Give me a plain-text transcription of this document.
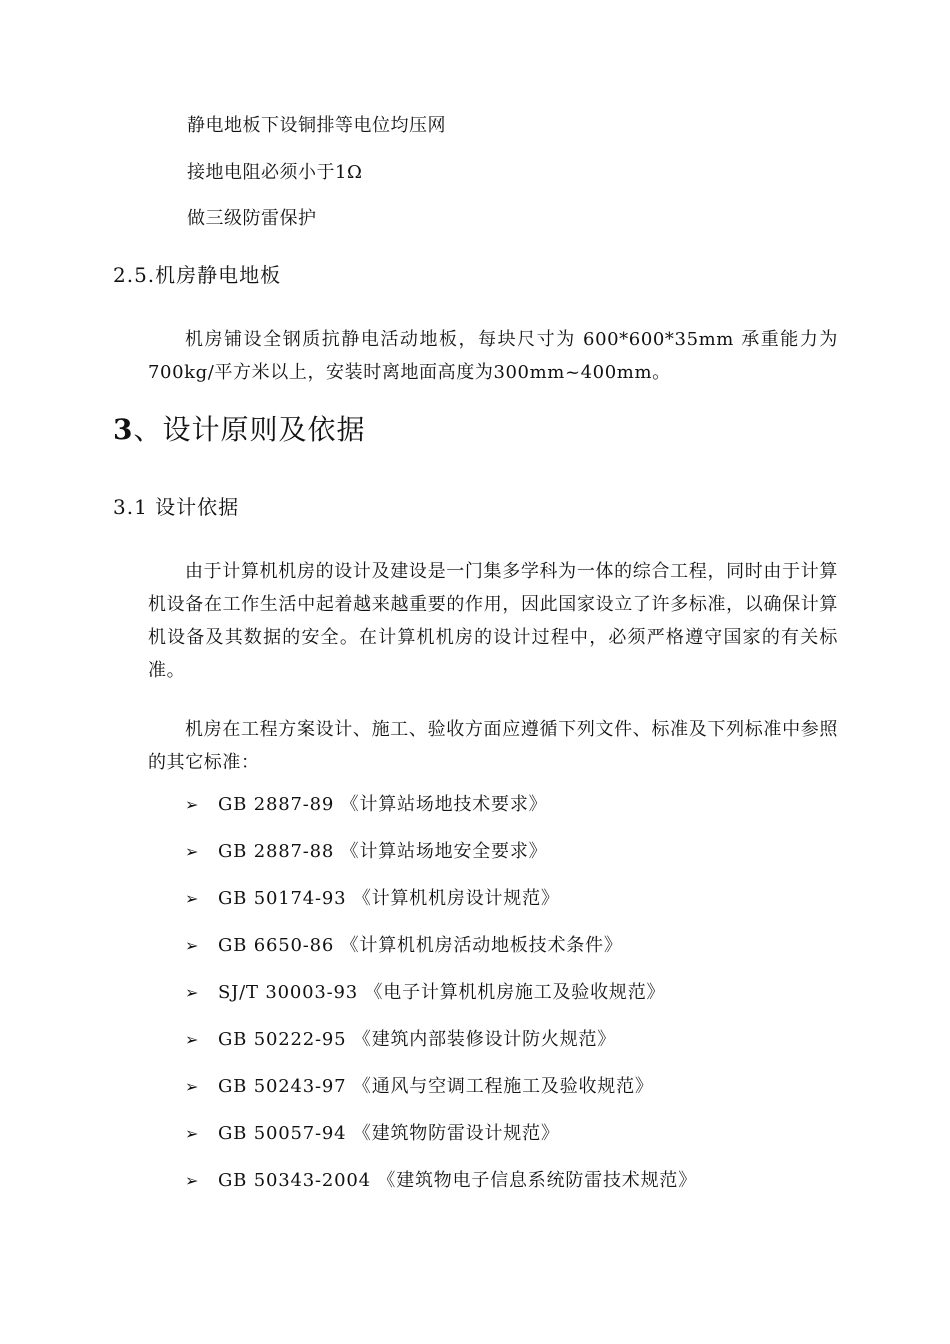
静电地板下设铜排等电位均压网
接地电阻必须小于1Ω
做三级防雷保护
2.5.机房静电地板
机房铺设全钢质抗静电活动地板，每块尺寸为 600*600*35mm 承重能力为700kg/平方米以上，安装时离地面高度为300mm~400mm。
3、设计原则及依据
3.1 设计依据
由于计算机机房的设计及建设是一门集多学科为一体的综合工程，同时由于计算机设备在工作生活中起着越来越重要的作用，因此国家设立了许多标准，以确保计算机设备及其数据的安全。在计算机机房的设计过程中，必须严格遵守国家的有关标准。
机房在工程方案设计、施工、验收方面应遵循下列文件、标准及下列标准中参照的其它标准：
➢ GB 2887-89 《计算站场地技术要求》
➢ GB 2887-88 《计算站场地安全要求》
➢ GB 50174-93 《计算机机房设计规范》
➢ GB 6650-86 《计算机机房活动地板技术条件》
➢ SJ/T 30003-93 《电子计算机机房施工及验收规范》
➢ GB 50222-95 《建筑内部装修设计防火规范》
➢ GB 50243-97 《通风与空调工程施工及验收规范》
➢ GB 50057-94 《建筑物防雷设计规范》
➢ GB 50343-2004 《建筑物电子信息系统防雷技术规范》
